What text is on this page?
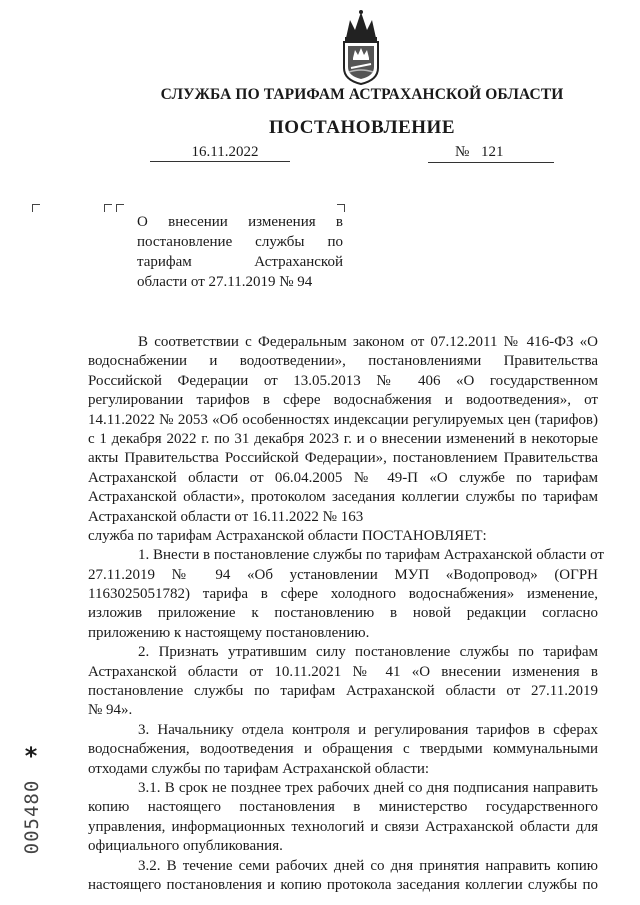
СЛУЖБА ПО ТАРИФАМ АСТРАХАНСКОЙ ОБЛАСТИ
ПОСТАНОВЛЕНИЕ
16.11.2022	№ 121
О внесении изменения в
постановление службы по
тарифам Астраханской
области от 27.11.2019 № 94

В соответствии с Федеральным законом от 07.12.2011 № 416-ФЗ «О
водоснабжении и водоотведении», постановлениями Правительства
Российской Федерации от 13.05.2013 № 406 «О государственном
регулировании тарифов в сфере водоснабжения и водоотведения», от
14.11.2022 № 2053 «Об особенностях индексации регулируемых цен (тарифов)
с 1 декабря 2022 г. по 31 декабря 2023 г. и о внесении изменений в некоторые
акты Правительства Российской Федерации», постановлением Правительства
Астраханской области от 06.04.2005 № 49-П «О службе по тарифам
Астраханской области», протоколом заседания коллегии службы по тарифам
Астраханской области от 16.11.2022 № 163

служба по тарифам Астраханской области ПОСТАНОВЛЯЕТ:

1. Внести в постановление службы по тарифам Астраханской области от
27.11.2019 № 94 «Об установлении МУП «Водопровод» (ОГРН
1163025051782) тарифа в сфере холодного водоснабжения» изменение,
изложив приложение к постановлению в новой редакции согласно
приложению к настоящему постановлению.

2. Признать утратившим силу постановление службы по тарифам
Астраханской области от 10.11.2021 № 41 «О внесении изменения в
постановление службы по тарифам Астраханской области от 27.11.2019
№ 94».

3. Начальнику отдела контроля и регулирования тарифов в сферах
водоснабжения, водоотведения и обращения с твердыми коммунальными
отходами службы по тарифам Астраханской области:

3.1. В срок не позднее трех рабочих дней со дня подписания направить
копию настоящего постановления в министерство государственного
управления, информационных технологий и связи Астраханской области для
официального опубликования.

3.2. В течение семи рабочих дней со дня принятия направить копию
настоящего постановления и копию протокола заседания коллегии службы по

*
005480
